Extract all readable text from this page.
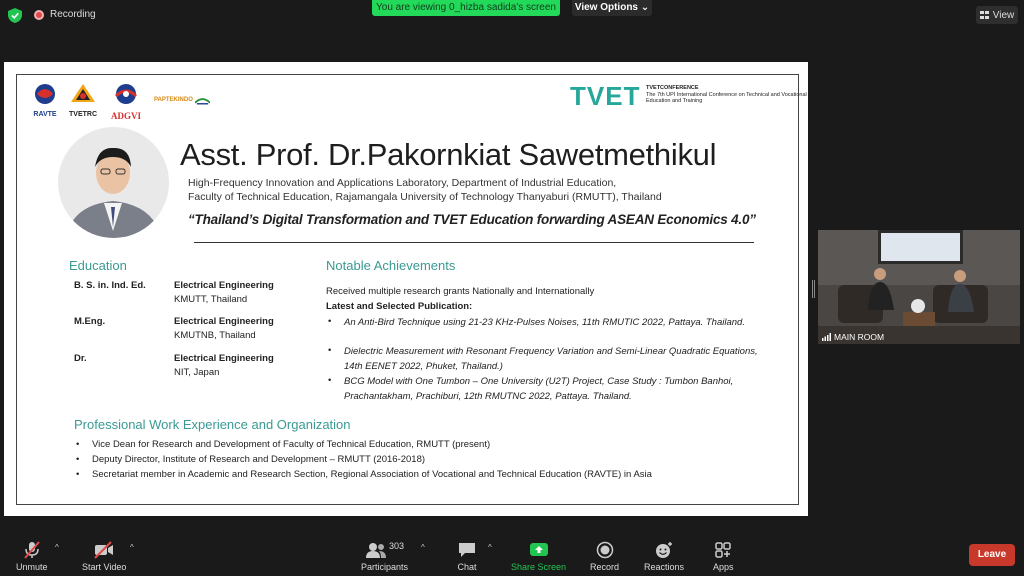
Recording
You are viewing 0_hizba sadida's screen	View Options ⌄
View
RAVTE	TVETRC	ADGVI
PAPTEKINDO	TVET TVETCONFERENCE
The 7th UPI International Conference on Technical and Vocational
Education and Training
Asst. Prof. Dr.Pakornkiat Sawetmethikul
High-Frequency Innovation and Applications Laboratory, Department of Industrial Education,
Faculty of Technical Education, Rajamangala University of Technology Thanyaburi (RMUTT), Thailand
“Thailand’s Digital Transformation and TVET Education forwarding ASEAN Economics 4.0”
Education
B. S. in. Ind. Ed.	Electrical Engineering
KMUTT, Thailand
M.Eng.	Electrical Engineering
KMUTNB, Thailand
Dr.	Electrical Engineering
NIT, Japan
Notable Achievements
Received multiple research grants Nationally and Internationally
Latest and Selected Publication:
• An Anti-Bird Technique using 21-23 KHz-Pulses Noises, 11th RMUTIC 2022, Pattaya. Thailand.
• Dielectric Measurement with Resonant Frequency Variation and Semi-Linear Quadratic Equations, 14th EENET 2022, Phuket, Thailand.)
• BCG Model with One Tumbon – One University (U2T) Project, Case Study : Tumbon Banhoi, Prachantakham, Prachiburi, 12th RMUTNC 2022, Pattaya. Thailand.
Professional Work Experience and Organization
• Vice Dean for Research and Development of Faculty of Technical Education, RMUTT (present)
• Deputy Director, Institute of Research and Development – RMUTT (2016-2018)
• Secretariat member in Academic and Research Section, Regional Association of Vocational and Technical Education (RAVTE) in Asia
MAIN ROOM
Unmute
^
Start Video
^	303
Participants
^
Chat
^
Share Screen	Record	Reactions	Apps
Leave
